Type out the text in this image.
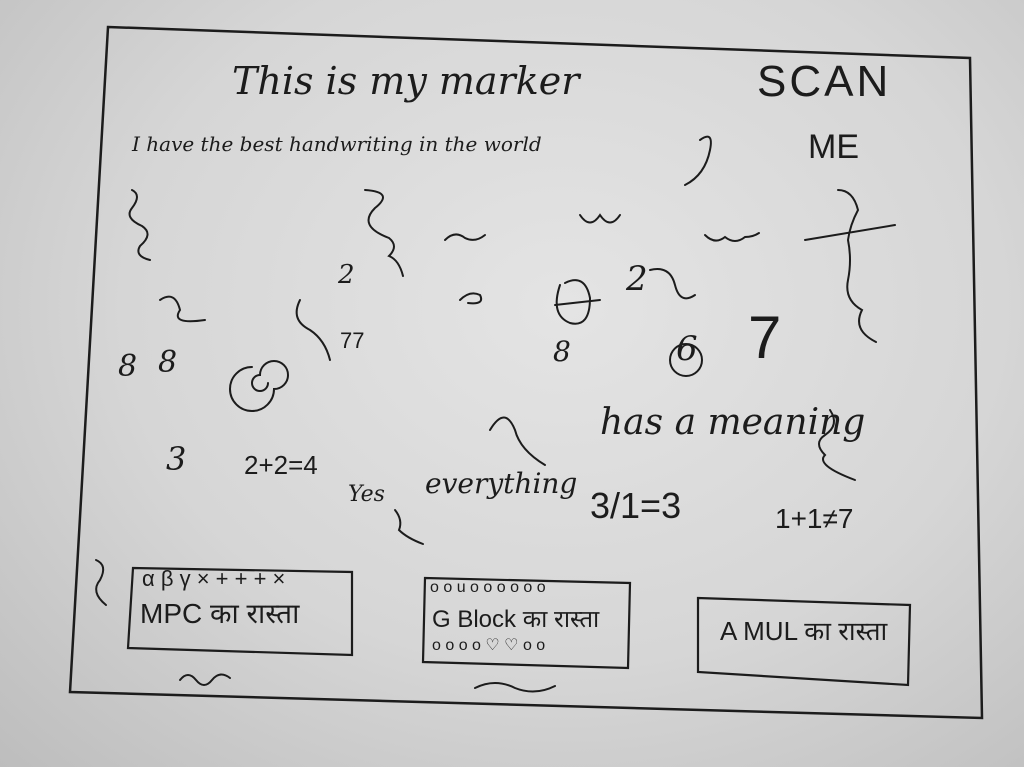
This is my marker
I have the best handwriting in the world
SCAN
ME
8 8	8	7
6
77
2	2
3 2+2=4
3/1=3	1+1≠7
Yes everything
has a meaning
α β γ × + + + ×
MPC का रास्ता
o o u o o o o o o
G Block का रास्ता
o o o o ♡ ♡ o o	A MUL का रास्ता
